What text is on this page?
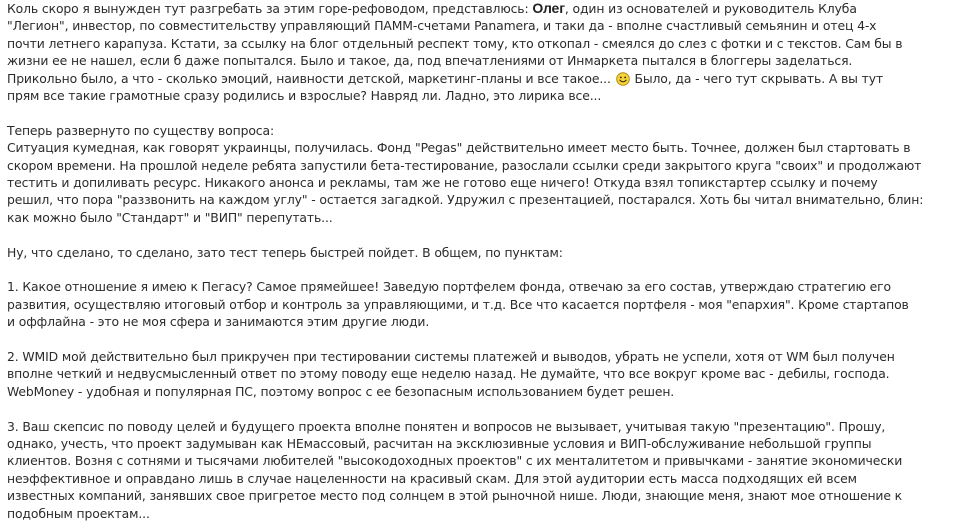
Коль скоро я вынужден тут разгребать за этим горе-рефоводом, представлюсь: Олег, один из основателей и руководитель Клуба
"Легион", инвестор, по совместительству управляющий ПАММ-счетами Panamera, и таки да - вполне счастливый семьянин и отец 4-х
почти летнего карапуза. Кстати, за ссылку на блог отдельный респект тому, кто откопал - смеялся до слез с фотки и с текстов. Сам бы в
жизни ее не нашел, если б даже попытался. Было и такое, да, под впечатлениями от Инмаркета пытался в блоггеры заделаться.
Прикольно было, а что - сколько эмоций, наивности детской, маркетинг-планы и все такое... Было, да - чего тут скрывать. А вы тут
прям все такие грамотные сразу родились и взрослые? Навряд ли. Ладно, это лирика все...
Теперь развернуто по существу вопроса:
Ситуация кумедная, как говорят украинцы, получилась. Фонд "Pegas" действительно имеет место быть. Точнее, должен был стартовать в
скором времени. На прошлой неделе ребята запустили бета-тестирование, разослали ссылки среди закрытого круга "своих" и продолжают
тестить и допиливать ресурс. Никакого анонса и рекламы, там же не готово еще ничего! Откуда взял топикстартер ссылку и почему
решил, что пора "раззвонить на каждом углу" - остается загадкой. Удружил с презентацией, постарался. Хоть бы читал внимательно, блин:
как можно было "Стандарт" и "ВИП" перепутать...
Ну, что сделано, то сделано, зато тест теперь быстрей пойдет. В общем, по пунктам:
1. Какое отношение я имею к Пегасу? Самое прямейшее! Заведую портфелем фонда, отвечаю за его состав, утверждаю стратегию его
развития, осуществляю итоговый отбор и контроль за управляющими, и т.д. Все что касается портфеля - моя "епархия". Кроме стартапов
и оффлайна - это не моя сфера и занимаются этим другие люди.
2. WMID мой действительно был прикручен при тестировании системы платежей и выводов, убрать не успели, хотя от WM был получен
вполне четкий и недвусмысленный ответ по этому поводу еще неделю назад. Не думайте, что все вокруг кроме вас - дебилы, господа.
WebMoney - удобная и популярная ПС, поэтому вопрос с ее безопасным использованием будет решен.
3. Ваш скепсис по поводу целей и будущего проекта вполне понятен и вопросов не вызывает, учитывая такую "презентацию". Прошу,
однако, учесть, что проект задумыван как НЕмассовый, расчитан на эксклюзивные условия и ВИП-обслуживание небольшой группы
клиентов. Возня с сотнями и тысячами любителей "высокодоходных проектов" с их менталитетом и привычками - занятие экономически
неэффективное и оправдано лишь в случае нацеленности на красивый скам. Для этой аудитории есть масса подходящих ей всем
известных компаний, занявших свое пригретое место под солнцем в этой рыночной нише. Люди, знающие меня, знают мое отношение к
подобным проектам...
